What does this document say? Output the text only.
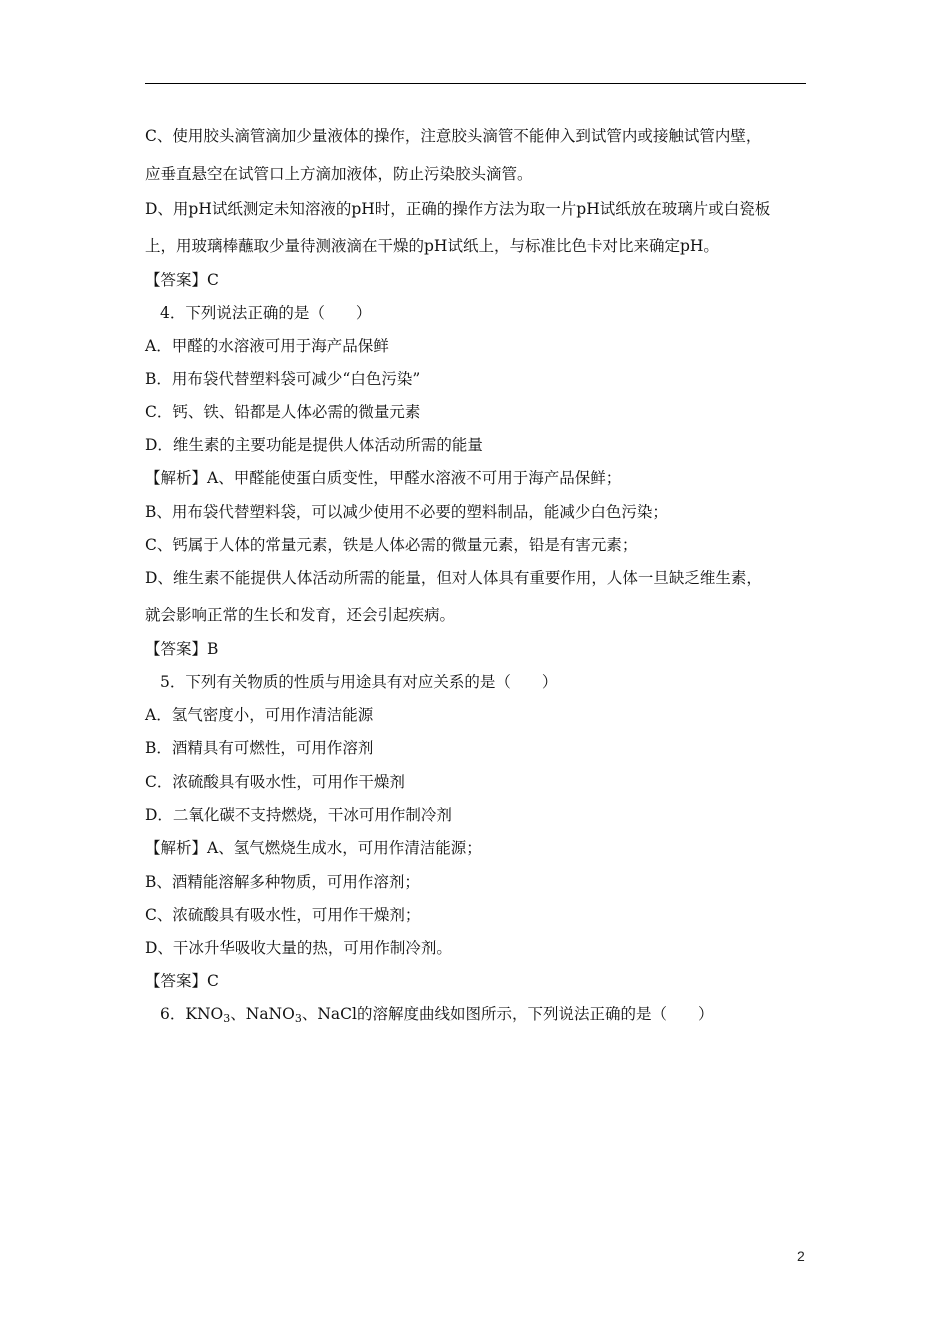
C、使用胶头滴管滴加少量液体的操作，注意胶头滴管不能伸入到试管内或接触试管内壁，
应垂直悬空在试管口上方滴加液体，防止污染胶头滴管。
D、用pH试纸测定未知溶液的pH时，正确的操作方法为取一片pH试纸放在玻璃片或白瓷板
上，用玻璃棒蘸取少量待测液滴在干燥的pH试纸上，与标准比色卡对比来确定pH。
【答案】C
4．下列说法正确的是（　　）
A．甲醛的水溶液可用于海产品保鲜
B．用布袋代替塑料袋可减少“白色污染”
C．钙、铁、铅都是人体必需的微量元素
D．维生素的主要功能是提供人体活动所需的能量
【解析】A、甲醛能使蛋白质变性，甲醛水溶液不可用于海产品保鲜；
B、用布袋代替塑料袋，可以减少使用不必要的塑料制品，能减少白色污染；
C、钙属于人体的常量元素，铁是人体必需的微量元素，铅是有害元素；
D、维生素不能提供人体活动所需的能量，但对人体具有重要作用，人体一旦缺乏维生素，
就会影响正常的生长和发育，还会引起疾病。
【答案】B
5．下列有关物质的性质与用途具有对应关系的是（　　）
A．氢气密度小，可用作清洁能源
B．酒精具有可燃性，可用作溶剂
C．浓硫酸具有吸水性，可用作干燥剂
D．二氧化碳不支持燃烧，干冰可用作制冷剂
【解析】A、氢气燃烧生成水，可用作清洁能源；
B、酒精能溶解多种物质，可用作溶剂；
C、浓硫酸具有吸水性，可用作干燥剂；
D、干冰升华吸收大量的热，可用作制冷剂。
【答案】C
6．$KNO_3$、NaNO$_3$、NaCl的溶解度曲线如图所示，下列说法正确的是（　　）
2
